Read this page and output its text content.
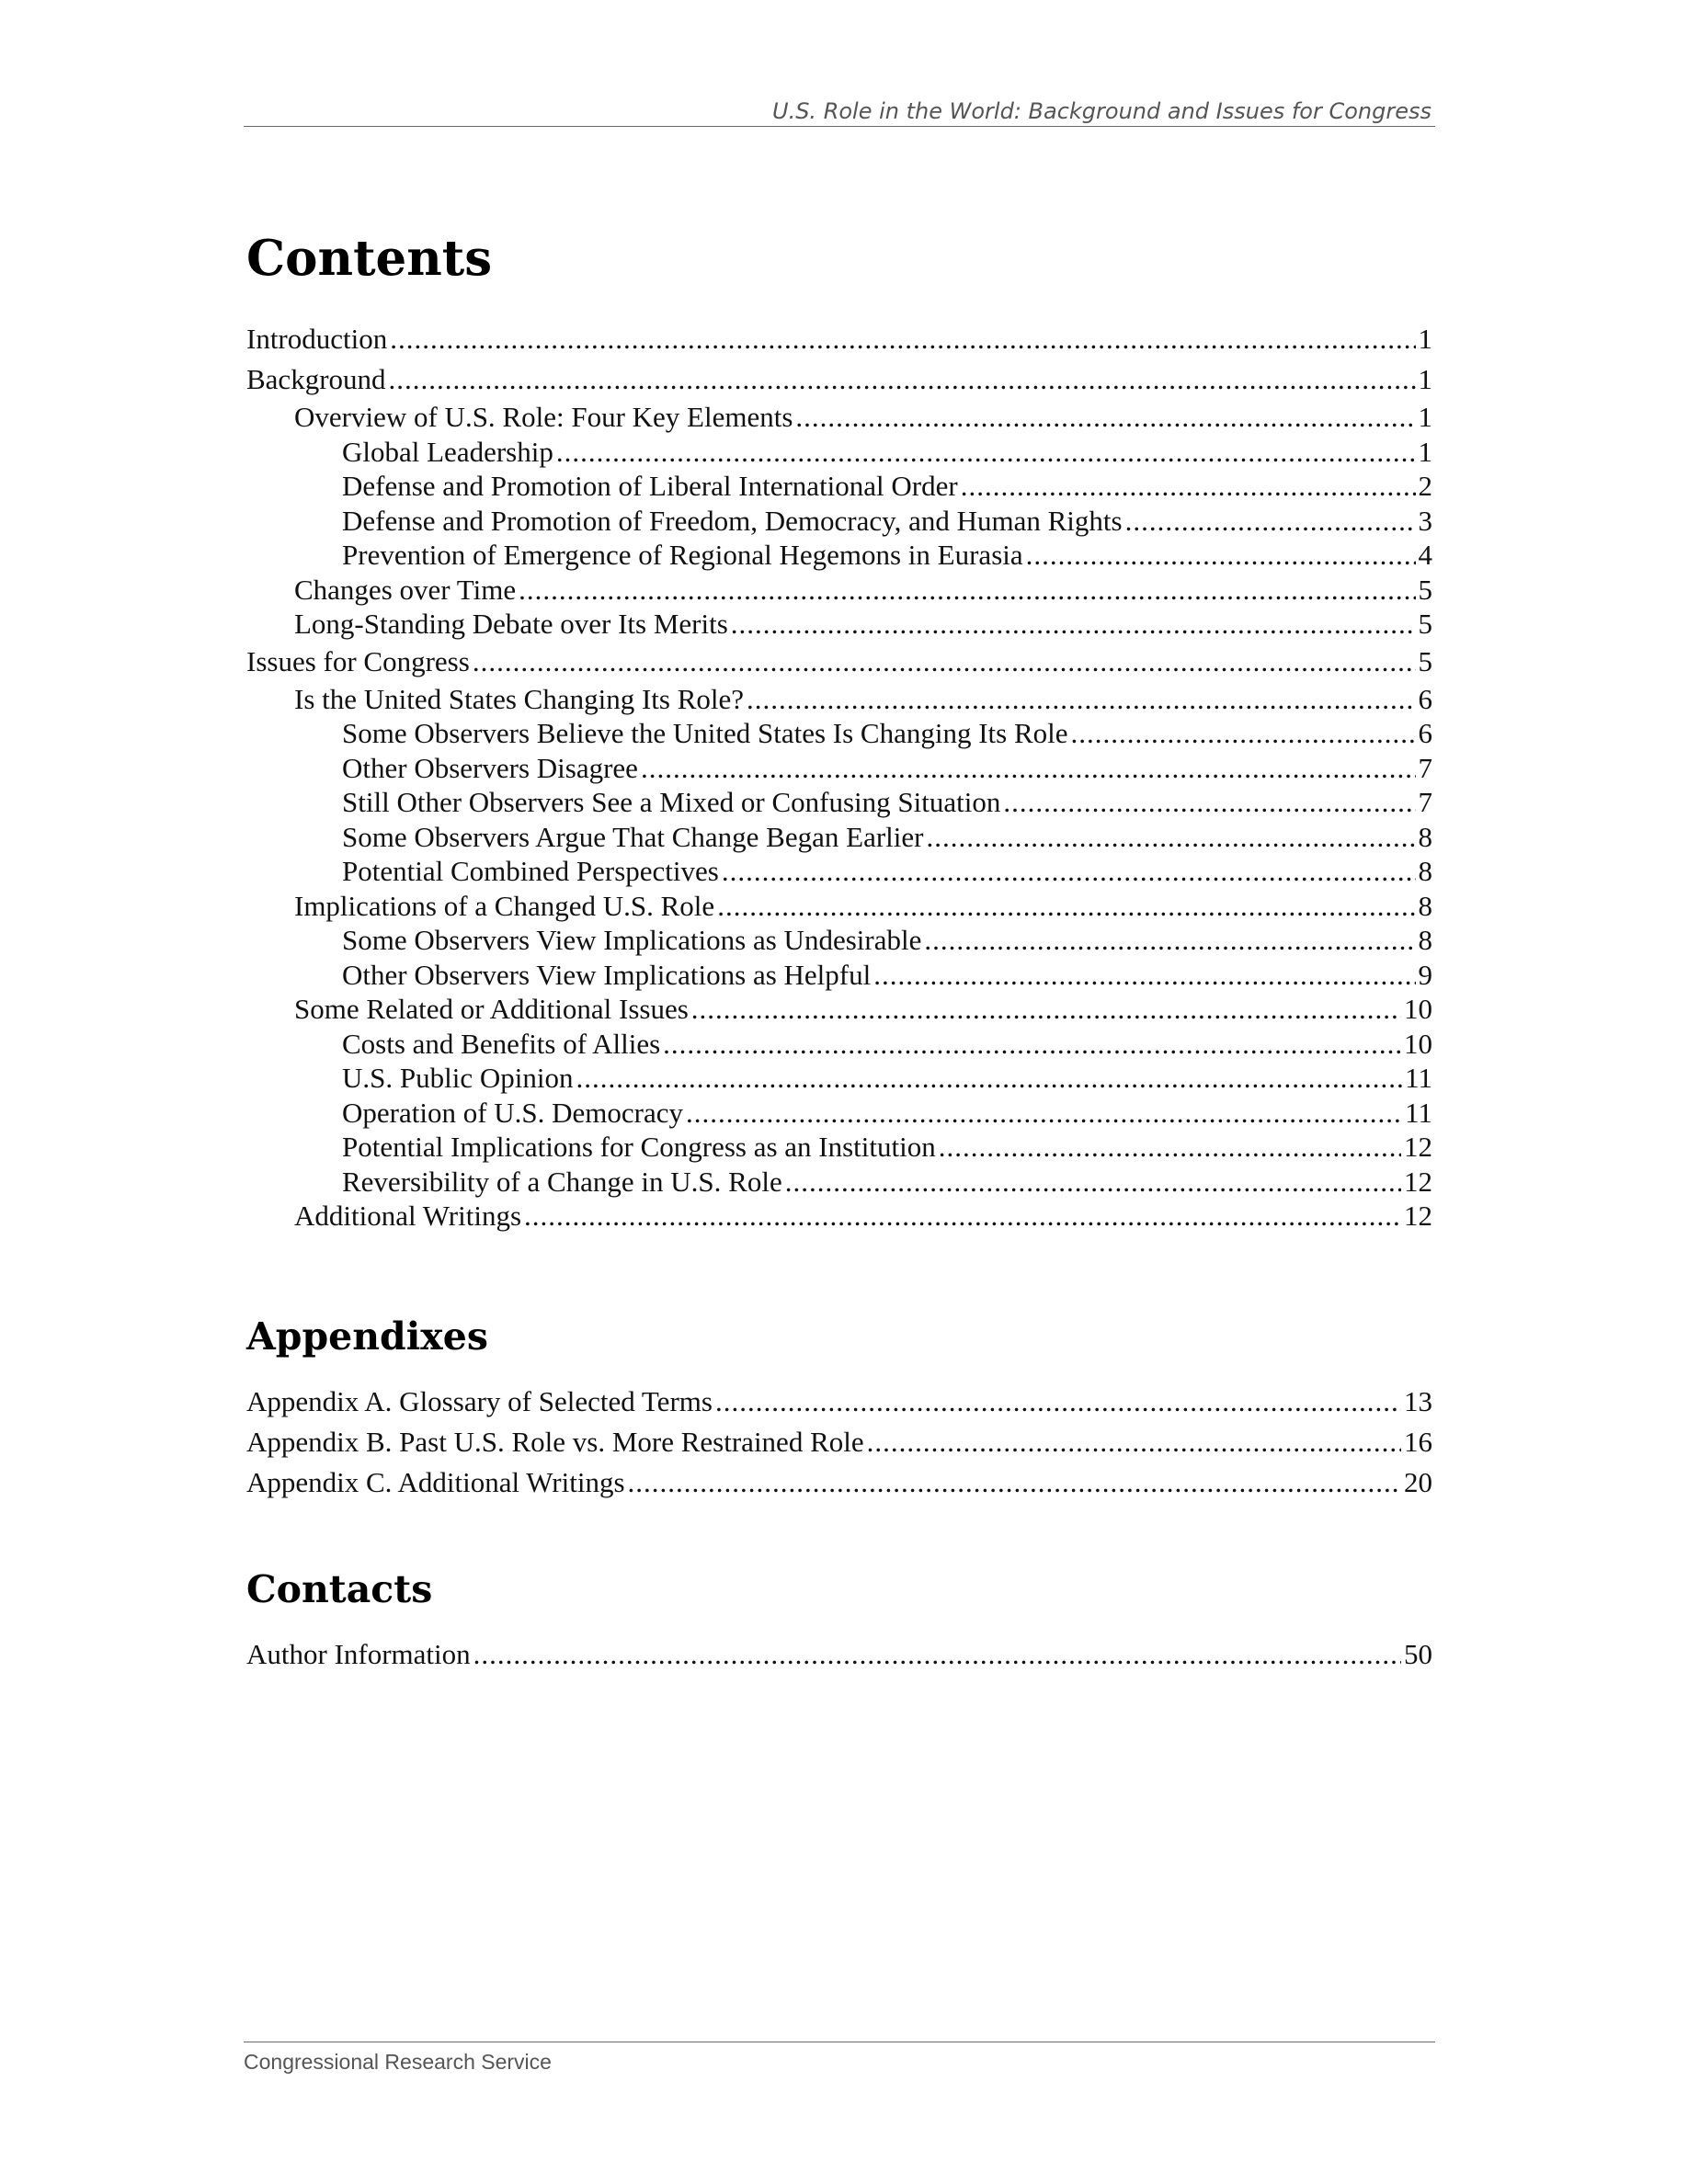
U.S. Role in the World: Background and Issues for Congress
Contents
Introduction .....	1
Background .....	1
Overview of U.S. Role: Four Key Elements .....	1
Global Leadership .....	1
Defense and Promotion of Liberal International Order .....	2
Defense and Promotion of Freedom, Democracy, and Human Rights .....	3
Prevention of Emergence of Regional Hegemons in Eurasia .....	4
Changes over Time .....	5
Long-Standing Debate over Its Merits .....	5
Issues for Congress .....	5
Is the United States Changing Its Role? .....	6
Some Observers Believe the United States Is Changing Its Role .....	6
Other Observers Disagree .....	7
Still Other Observers See a Mixed or Confusing Situation .....	7
Some Observers Argue That Change Began Earlier .....	8
Potential Combined Perspectives .....	8
Implications of a Changed U.S. Role .....	8
Some Observers View Implications as Undesirable .....	8
Other Observers View Implications as Helpful .....	9
Some Related or Additional Issues .....	10
Costs and Benefits of Allies .....	10
U.S. Public Opinion .....	11
Operation of U.S. Democracy .....	11
Potential Implications for Congress as an Institution .....	12
Reversibility of a Change in U.S. Role .....	12
Additional Writings .....	12
Appendixes
Appendix A. Glossary of Selected Terms .....	13
Appendix B. Past U.S. Role vs. More Restrained Role .....	16
Appendix C. Additional Writings .....	20
Contacts
Author Information .....	50
Congressional Research Service
